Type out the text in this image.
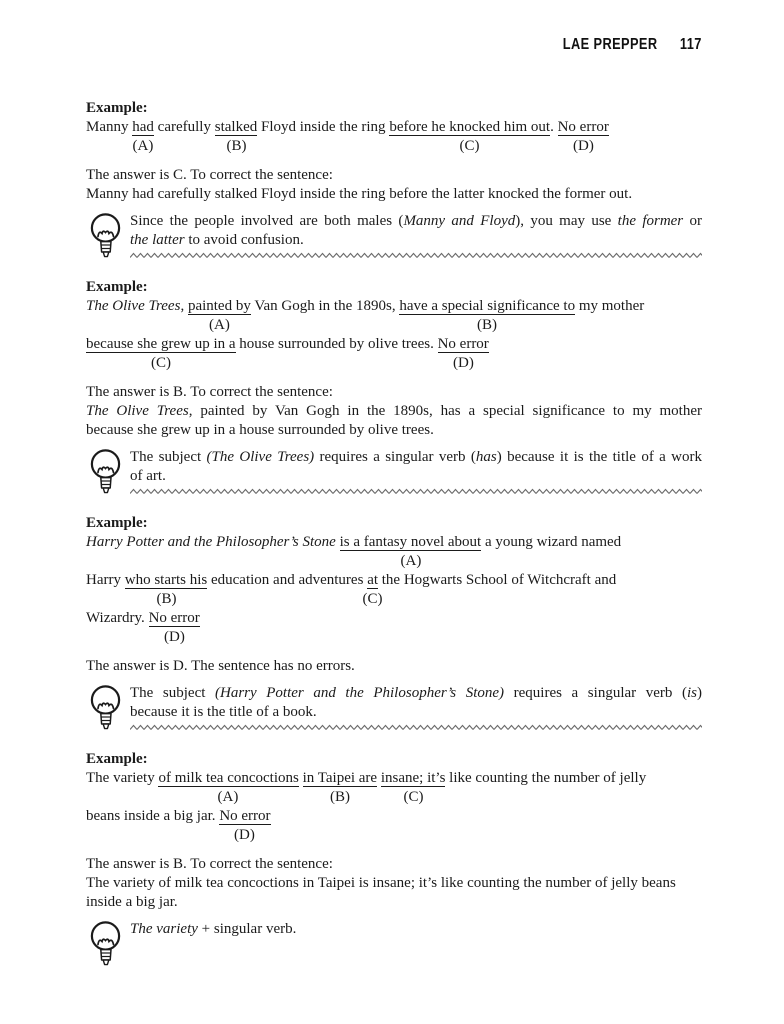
LAE PREPPER 117
Example:
Manny had carefully stalked Floyd inside the ring before he knocked him out. No error
(A)	(B)	(C)	(D)
The answer is C. To correct the sentence:
Manny had carefully stalked Floyd inside the ring before the latter knocked the former out.
Since the people involved are both males (Manny and Floyd), you may use the former or
the latter to avoid confusion.
Example:
The Olive Trees, painted by Van Gogh in the 1890s, have a special significance to my mother
(A)	(B)
because she grew up in a house surrounded by olive trees. No error
(C)	(D)
The answer is B. To correct the sentence:
The Olive Trees, painted by Van Gogh in the 1890s, has a special significance to my mother
because she grew up in a house surrounded by olive trees.
The subject (The Olive Trees) requires a singular verb (has) because it is the title of a work
of art.
Example:
Harry Potter and the Philosopher’s Stone is a fantasy novel about a young wizard named
(A)
Harry who starts his education and adventures at the Hogwarts School of Witchcraft and
(B)	(C)
Wizardry. No error
(D)
The answer is D. The sentence has no errors.
The subject (Harry Potter and the Philosopher’s Stone) requires a singular verb (is)
because it is the title of a book.
Example:
The variety of milk tea concoctions in Taipei are insane; it’s like counting the number of jelly
(A)	(B)	(C)
beans inside a big jar. No error
(D)
The answer is B. To correct the sentence:
The variety of milk tea concoctions in Taipei is insane; it’s like counting the number of jelly beans
inside a big jar.
The variety + singular verb.
